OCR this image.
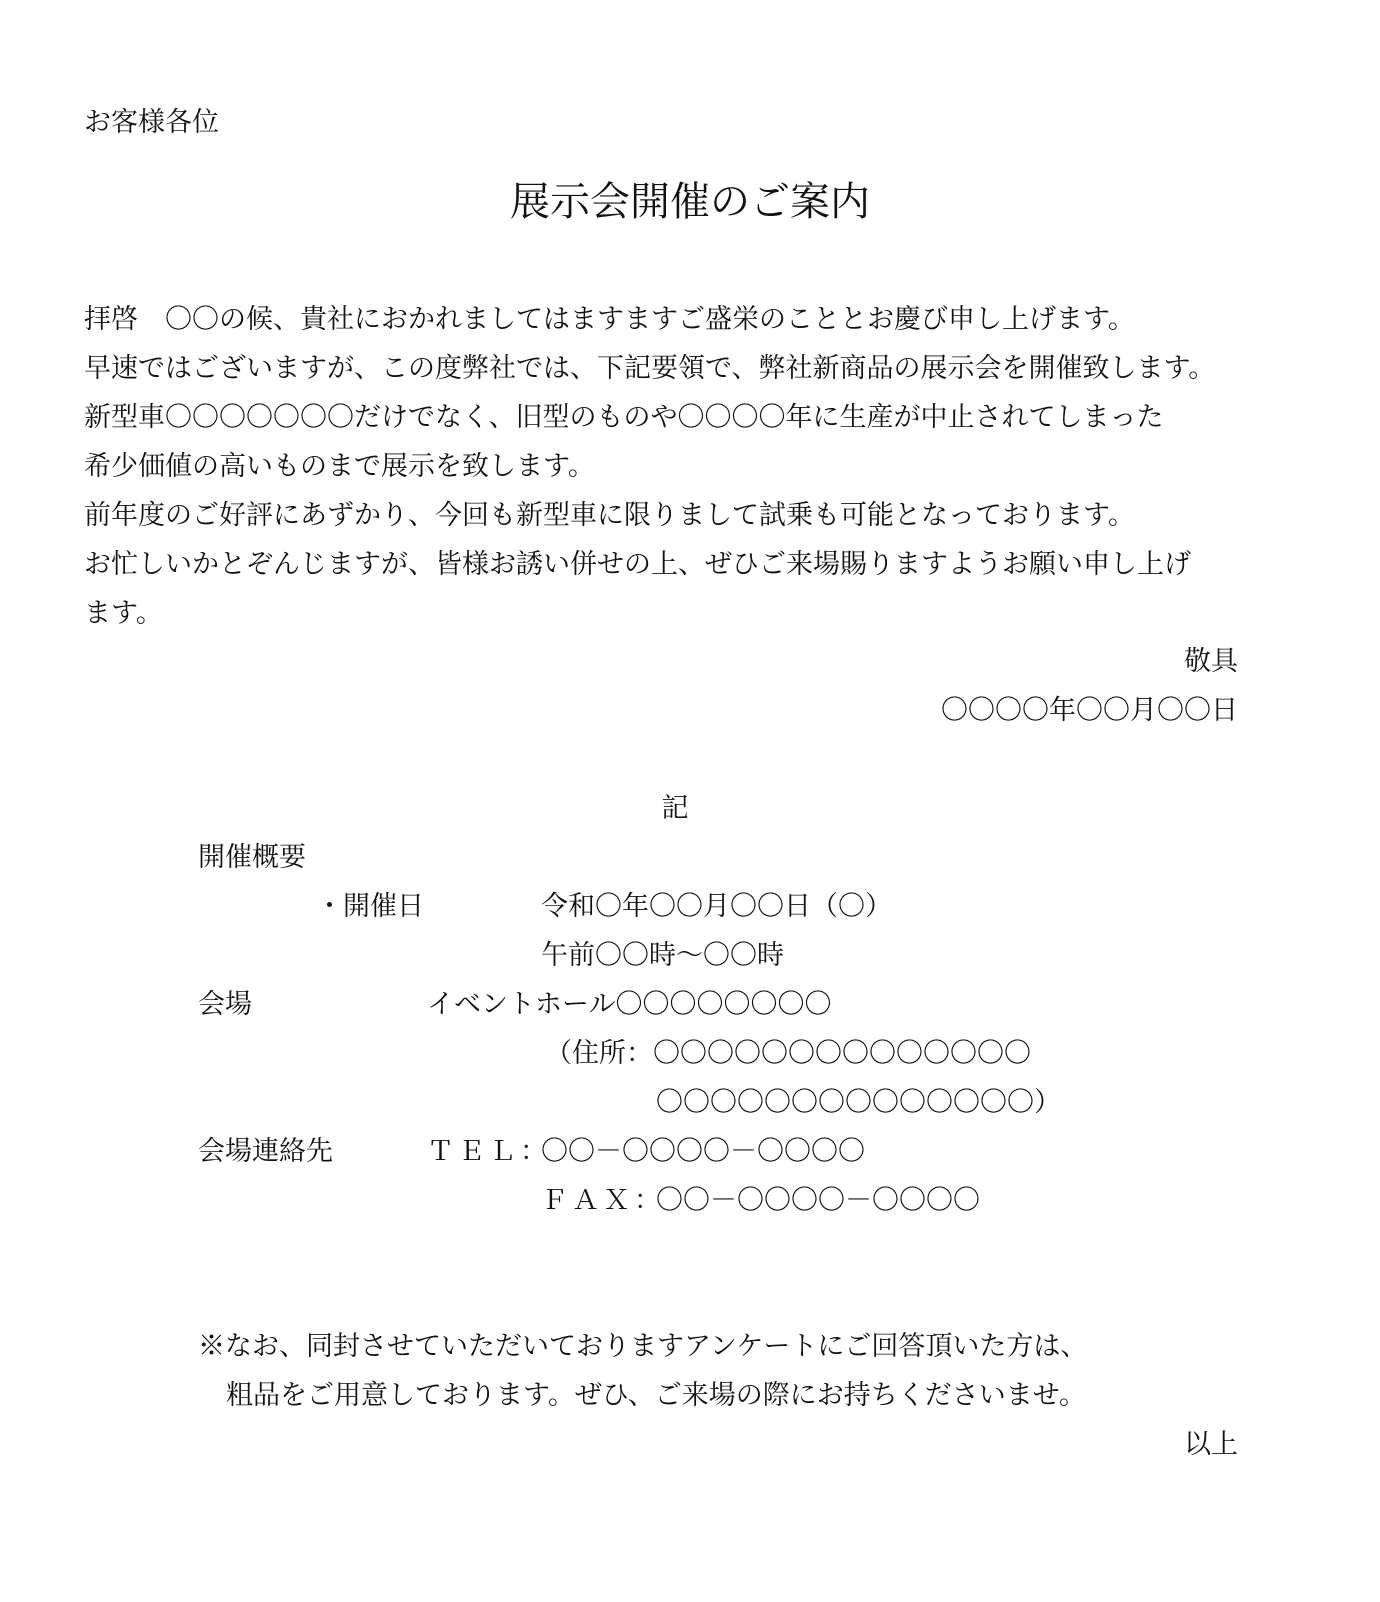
お客様各位

展示会開催のご案内

拝啓　〇〇の候、貴社におかれましてはますますご盛栄のこととお慶び申し上げます。

早速ではございますが、この度弊社では、下記要領で、弊社新商品の展示会を開催致します。

新型車〇〇〇〇〇〇〇だけでなく、旧型のものや〇〇〇〇年に生産が中止されてしまった

希少価値の高いものまで展示を致します。

前年度のご好評にあずかり、今回も新型車に限りまして試乗も可能となっております。

お忙しいかとぞんじますが、皆様お誘い併せの上、ぜひご来場賜りますようお願い申し上げ

ます。

敬具

〇〇〇〇年〇〇月〇〇日

記

開催概要

・開催日	令和〇年〇〇月〇〇日（〇）

午前〇〇時～〇〇時

会場	イベントホール〇〇〇〇〇〇〇〇

（住所：〇〇〇〇〇〇〇〇〇〇〇〇〇〇

〇〇〇〇〇〇〇〇〇〇〇〇〇〇）

会場連絡先	ＴＥＬ：

〇〇－〇〇〇〇－〇〇〇〇

ＦＡＸ：

〇〇－〇〇〇〇－〇〇〇〇

※なお、同封させていただいておりますアンケートにご回答頂いた方は、

粗品をご用意しております。ぜひ、ご来場の際にお持ちくださいませ。

以上
